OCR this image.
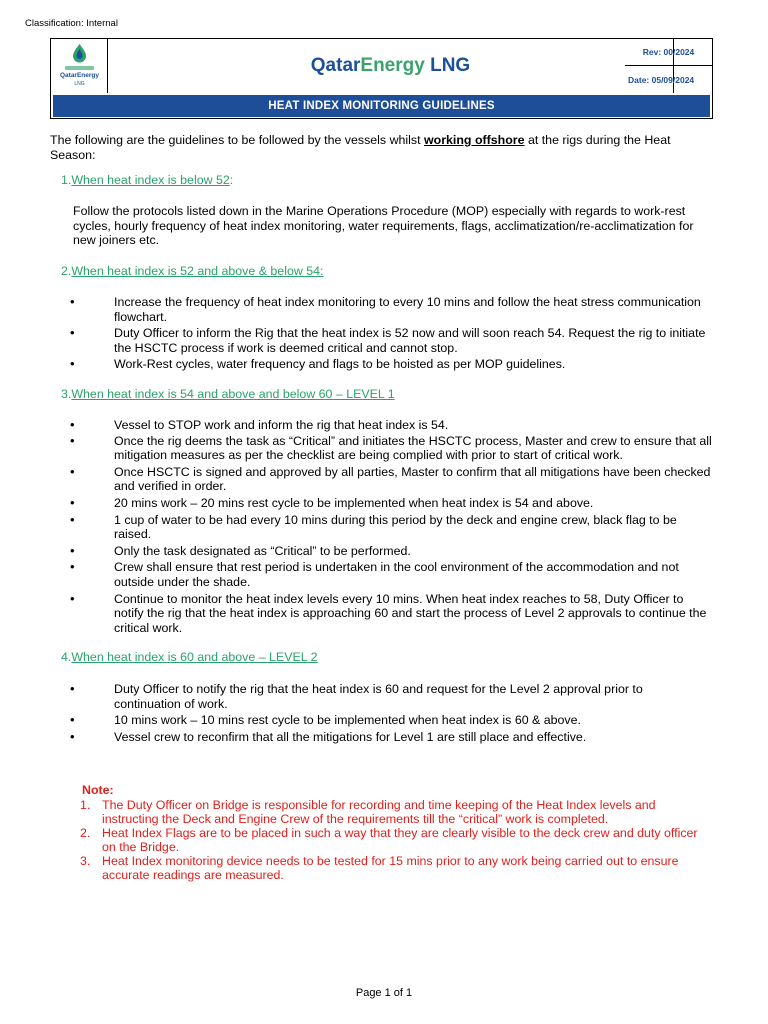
Classification: Internal
QatarEnergy
LNG
QatarEnergy LNG
Rev: 00/2024
Date: 05/09/2024
HEAT INDEX MONITORING GUIDELINES
The following are the guidelines to be followed by the vessels whilst working offshore at the rigs during the Heat Season:
1.When heat index is below 52:
Follow the protocols listed down in the Marine Operations Procedure (MOP) especially with regards to work-rest cycles, hourly frequency of heat index monitoring, water requirements, flags, acclimatization/re-acclimatization for new joiners etc.
2.When heat index is 52 and above & below 54:
• Increase the frequency of heat index monitoring to every 10 mins and follow the heat stress communication flowchart.
• Duty Officer to inform the Rig that the heat index is 52 now and will soon reach 54. Request the rig to initiate the HSCTC process if work is deemed critical and cannot stop.
• Work-Rest cycles, water frequency and flags to be hoisted as per MOP guidelines.
3.When heat index is 54 and above and below 60 – LEVEL 1
• Vessel to STOP work and inform the rig that heat index is 54.
• Once the rig deems the task as “Critical” and initiates the HSCTC process, Master and crew to ensure that all mitigation measures as per the checklist are being complied with prior to start of critical work.
• Once HSCTC is signed and approved by all parties, Master to confirm that all mitigations have been checked and verified in order.
• 20 mins work – 20 mins rest cycle to be implemented when heat index is 54 and above.
• 1 cup of water to be had every 10 mins during this period by the deck and engine crew, black flag to be raised.
• Only the task designated as “Critical” to be performed.
• Crew shall ensure that rest period is undertaken in the cool environment of the accommodation and not outside under the shade.
• Continue to monitor the heat index levels every 10 mins. When heat index reaches to 58, Duty Officer to notify the rig that the heat index is approaching 60 and start the process of Level 2 approvals to continue the critical work.
4.When heat index is 60 and above – LEVEL 2
• Duty Officer to notify the rig that the heat index is 60 and request for the Level 2 approval prior to continuation of work.
• 10 mins work – 10 mins rest cycle to be implemented when heat index is 60 & above.
• Vessel crew to reconfirm that all the mitigations for Level 1 are still place and effective.
Note:
1. The Duty Officer on Bridge is responsible for recording and time keeping of the Heat Index levels and instructing the Deck and Engine Crew of the requirements till the “critical” work is completed.
2. Heat Index Flags are to be placed in such a way that they are clearly visible to the deck crew and duty officer on the Bridge.
3. Heat Index monitoring device needs to be tested for 15 mins prior to any work being carried out to ensure accurate readings are measured.
Page 1 of 1
